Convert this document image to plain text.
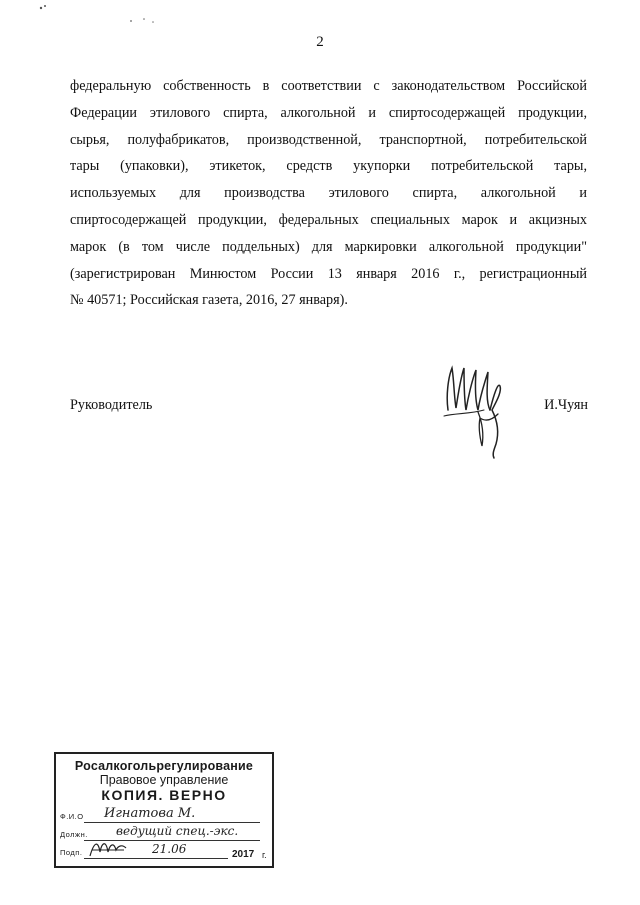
2
федеральную собственность в соответствии с законодательством Российской
Федерации этилового спирта, алкогольной и спиртосодержащей продукции,
сырья, полуфабрикатов, производственной, транспортной, потребительской
тары (упаковки), этикеток, средств укупорки потребительской тары,
используемых для производства этилового спирта, алкогольной и
спиртосодержащей продукции, федеральных специальных марок и акцизных
марок (в том числе поддельных) для маркировки алкогольной продукции"
(зарегистрирован Минюстом России 13 января 2016 г., регистрационный
№ 40571; Российская газета, 2016, 27 января).
Руководитель	И.Чуян
Росалкогольрегулирование
Правовое управление
КОПИЯ. ВЕРНО
Ф.И.О Игнатова М.
Должн. ведущий спец.-экс.
Подп.	21.06	2017 г.
